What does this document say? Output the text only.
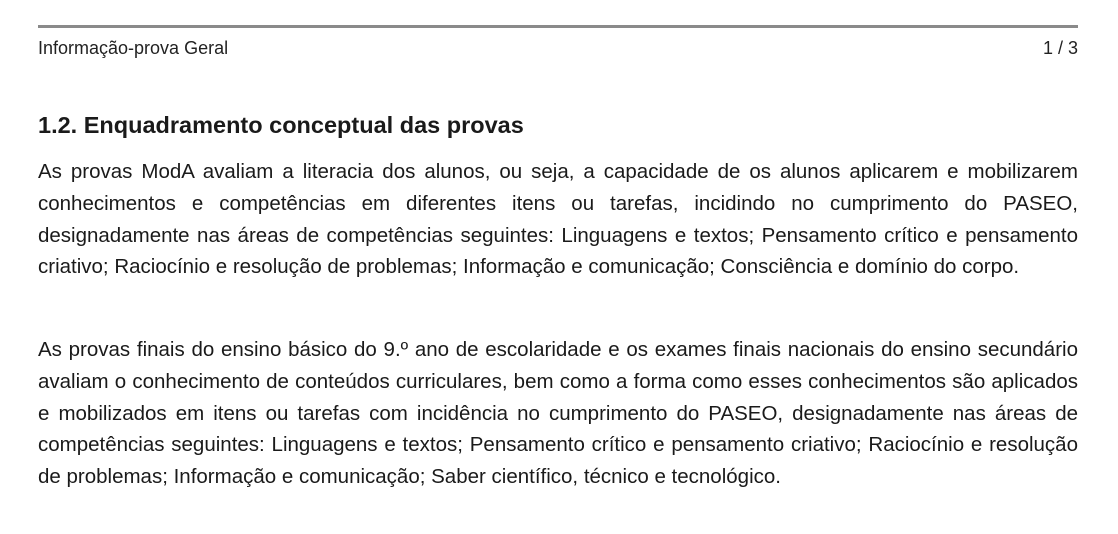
Informação-prova Geral	1 / 3
1.2. Enquadramento conceptual das provas

As provas ModA avaliam a literacia dos alunos, ou seja, a capacidade de os alunos aplicarem e mobilizarem conhecimentos e competências em diferentes itens ou tarefas, incidindo no cumprimento do PASEO, designadamente nas áreas de competências seguintes: Linguagens e textos; Pensamento crítico e pensamento criativo; Raciocínio e resolução de problemas; Informação e comunicação; Consciência e domínio do corpo.

As provas finais do ensino básico do 9.º ano de escolaridade e os exames finais nacionais do ensino secundário avaliam o conhecimento de conteúdos curriculares, bem como a forma como esses conhecimentos são aplicados e mobilizados em itens ou tarefas com incidência no cumprimento do PASEO, designadamente nas áreas de competências seguintes: Linguagens e textos; Pensamento crítico e pensamento criativo; Raciocínio e resolução de problemas; Informação e comunicação; Saber científico, técnico e tecnológico.
